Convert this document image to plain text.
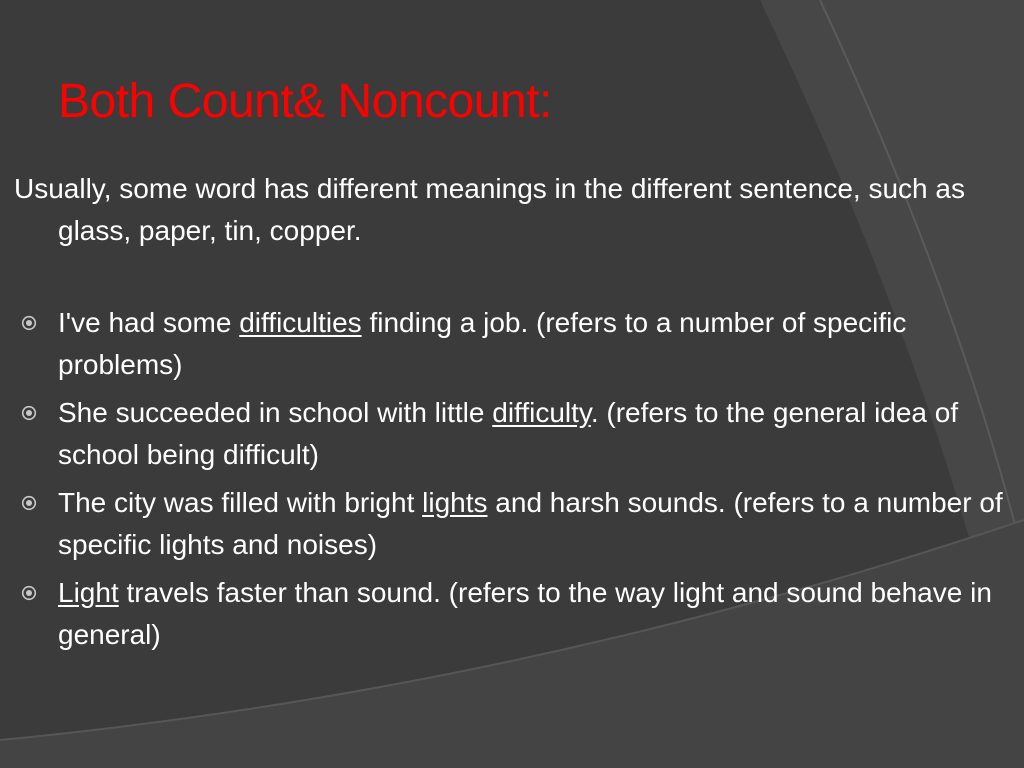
Both Count& Noncount:

Usually, some word has different meanings in the different sentence, such as glass, paper, tin, copper.

I've had some difficulties finding a job. (refers to a number of specific problems)
She succeeded in school with little difficulty. (refers to the general idea of school being difficult)
The city was filled with bright lights and harsh sounds. (refers to a number of specific lights and noises)
Light travels faster than sound. (refers to the way light and sound behave in general)
